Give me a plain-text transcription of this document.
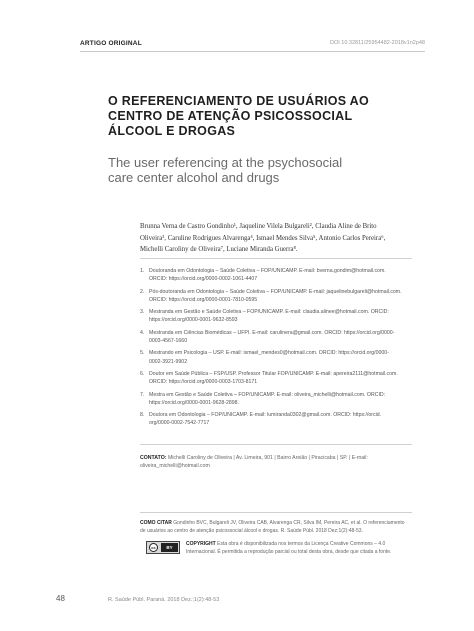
ARTIGO ORIGINAL	DOI 10.32811/25954482-2018v1n2p48
O REFERENCIAMENTO DE USUÁRIOS AO
CENTRO DE ATENÇÃO PSICOSSOCIAL
ÁLCOOL E DROGAS
The user referencing at the psychosocial
care center alcohol and drugs
Brunna Verna de Castro Gondinho¹, Jaqueline Vilela Bulgareli², Claudia Aline de Brito
Oliveira³, Caruline Rodrigues Alvarenga⁴, Ismael Mendes Silva⁵, Antonio Carlos Pereira⁶,
Michelli Caroliny de Oliveira⁷, Luciane Miranda Guerra⁸.
1. Doutoranda em Odontologia – Saúde Coletiva – FOP/UNICAMP. E-mail: bverna.gondim@hotmail.com.
ORCID: https://orcid.org/0000-0002-1061-4407
2. Pós-doutoranda em Odontologia – Saúde Coletiva – FOP/UNICAMP. E-mail: jaquelinebulgareli@hotmail.com.
ORCID: https://orcid.org/0000-0001-7810-0595
3. Mestranda em Gestão e Saúde Coletiva – FOP/UNICAMP. E-mail: claudia.alinee@hotmail.com. ORCID:
https://orcid.org/0000-0001-9632-8593
4. Mestranda em Ciências Biomédicas – UFPI. E-mail: carulinera@gmail.com. ORCID: https://orcid.org/0000-
0003-4567-1660
5. Mestrando em Psicologia – USP. E-mail: ismael_mendes0@hotmail.com. ORCID: https://orcid.org/0000-
0002-3921-9902
6. Doutor em Saúde Pública – FSP/USP. Professor Titular FOP/UNICAMP. E-mail: apereira2111@hotmail.com.
ORCID: https://orcid.org/0000-0003-1703-8171
7. Mestra em Gestão e Saúde Coletiva – FOP/UNICAMP. E-mail: oliveira_michelli@hotmail.com. ORCID:
https://orcid.org/0000-0001-9628-2898.
8. Doutora em Odontologia – FOP/UNICAMP. E-mail: lumiranda0302@gmail.com. ORCID: https://orcid.
org/0000-0002-7542-7717
CONTATO: Michelli Caroliny de Oliveira | Av. Limeira, 901 | Bairro Areião | Piracicaba | SP. | E-mail:
oliveira_michelli@hotmail.com
COMO CITAR Gondinho BVC, Bulgareli JV, Oliveira CAB, Alvarenga CR, Silva IM, Pereira AC, et al. O referenciamento
de usuários ao centro de atenção psicossocial álcool e drogas. R. Saúde Públ. 2018 Dez;1(2):48-53.
cc	BY	COPYRIGHT Esta obra é disponibilizada nos termos da Licença Creative Commons – 4.0
Internacional. É permitida a reprodução parcial ou total desta obra, desde que citada a fonte.
48	R. Saúde Públ. Paraná. 2018 Dez.;1(2):48-53
